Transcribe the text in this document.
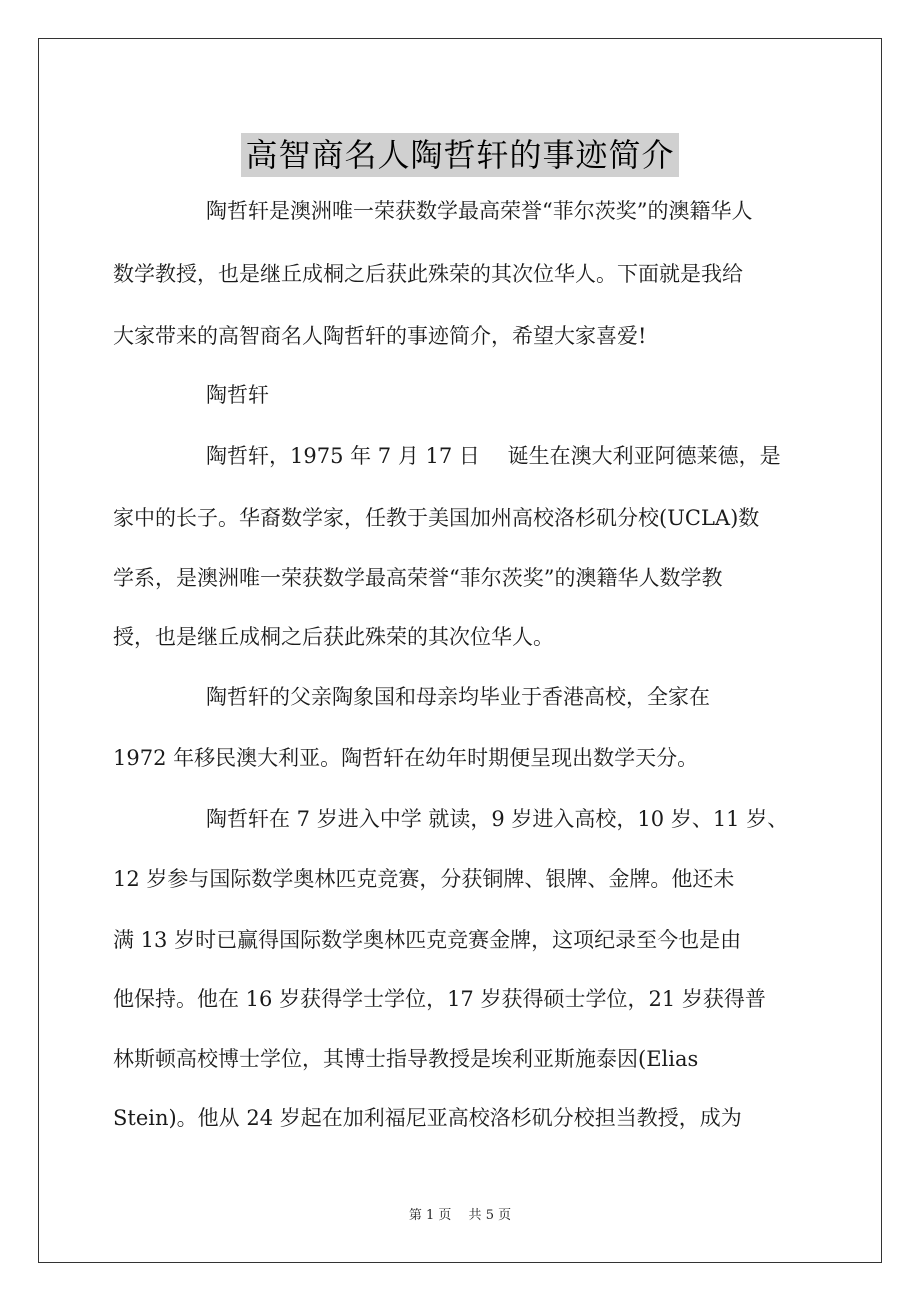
高智商名人陶哲轩的事迹简介
陶哲轩是澳洲唯一荣获数学最高荣誉“菲尔茨奖”的澳籍华人
数学教授，也是继丘成桐之后获此殊荣的其次位华人。下面就是我给
大家带来的高智商名人陶哲轩的事迹简介，希望大家喜爱!
陶哲轩
陶哲轩，1975 年 7 月 17 日　 诞生在澳大利亚阿德莱德，是
家中的长子。华裔数学家，任教于美国加州高校洛杉矶分校(UCLA)数
学系，是澳洲唯一荣获数学最高荣誉“菲尔茨奖”的澳籍华人数学教
授，也是继丘成桐之后获此殊荣的其次位华人。
陶哲轩的父亲陶象国和母亲均毕业于香港高校，全家在
1972 年移民澳大利亚。陶哲轩在幼年时期便呈现出数学天分。
陶哲轩在 7 岁进入中学 就读，9 岁进入高校，10 岁、11 岁、
12 岁参与国际数学奥林匹克竞赛，分获铜牌、银牌、金牌。他还未
满 13 岁时已赢得国际数学奥林匹克竞赛金牌，这项纪录至今也是由
他保持。他在 16 岁获得学士学位，17 岁获得硕士学位，21 岁获得普
林斯顿高校博士学位，其博士指导教授是埃利亚斯施泰因(Elias
Stein)。他从 24 岁起在加利福尼亚高校洛杉矶分校担当教授，成为
第 1 页　 共 5 页
